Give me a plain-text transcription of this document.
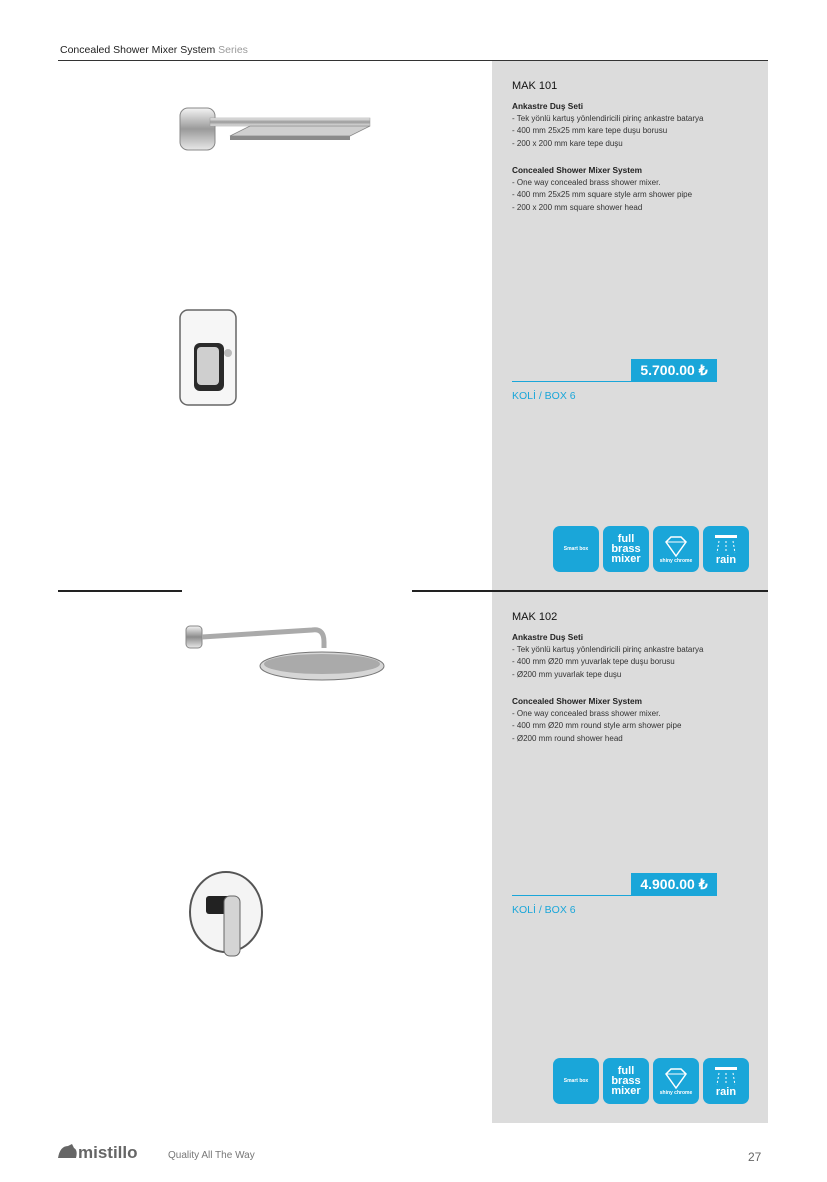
Concealed Shower Mixer System Series
MAK 101
Ankastre Duş Seti
- Tek yönlü kartuş yönlendiricili pirinç ankastre batarya
- 400 mm 25x25 mm kare tepe duşu borusu
- 200 x 200 mm kare tepe duşu
Concealed Shower Mixer System
- One way concealed brass shower mixer.
- 400 mm 25x25 mm square style arm shower pipe
- 200 x 200 mm square shower head
5.700.00 ₺
KOLİ / BOX 6
Smart box
full
brass
mixer	shiny chrome rain
MAK 102
Ankastre Duş Seti
- Tek yönlü kartuş yönlendiricili pirinç ankastre batarya
- 400 mm Ø20 mm yuvarlak tepe duşu borusu
- Ø200 mm yuvarlak tepe duşu
Concealed Shower Mixer System
- One way concealed brass shower mixer.
- 400 mm Ø20 mm round style arm shower pipe
- Ø200 mm round shower head
4.900.00 ₺
KOLİ / BOX 6
Smart box
full
brass
mixer	shiny chrome rain
mistillo	Quality All The Way	27
